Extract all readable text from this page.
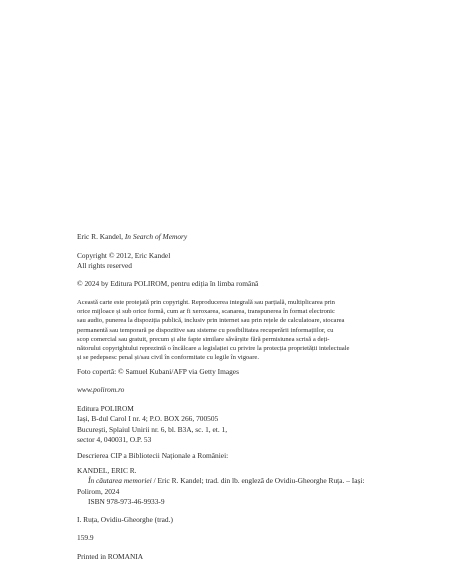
Eric R. Kandel, In Search of Memory

Copyright © 2012, Eric Kandel
All rights reserved

© 2024 by Editura POLIROM, pentru ediția în limba română

Această carte este protejată prin copyright. Reproducerea integrală sau parțială, multiplicarea prin
orice mijloace și sub orice formă, cum ar fi xeroxarea, scanarea, transpunerea în format electronic
sau audio, punerea la dispoziția publică, inclusiv prin internet sau prin rețele de calculatoare, stocarea
permanentă sau temporară pe dispozitive sau sisteme cu posibilitatea recuperării informațiilor, cu
scop comercial sau gratuit, precum și alte fapte similare săvârșite fără permisiunea scrisă a deți-
nătorului copyrightului reprezintă o încălcare a legislației cu privire la protecția proprietății intelectuale
și se pedepsesc penal și/sau civil în conformitate cu legile în vigoare.

Foto copertă: © Samuel Kubani/AFP via Getty Images

www.polirom.ro

Editura POLIROM
Iași, B-dul Carol I nr. 4; P.O. BOX 266, 700505
București, Splaiul Unirii nr. 6, bl. B3A, sc. 1, et. 1,
sector 4, 040031, O.P. 53

Descrierea CIP a Bibliotecii Naționale a României:

KANDEL, ERIC R.
În căutarea memoriei / Eric R. Kandel; trad. din lb. engleză de Ovidiu-Gheorghe Ruța. – Iași:
Polirom, 2024
ISBN 978-973-46-9933-9

I. Ruța, Ovidiu-Gheorghe (trad.)

159.9

Printed in ROMANIA
